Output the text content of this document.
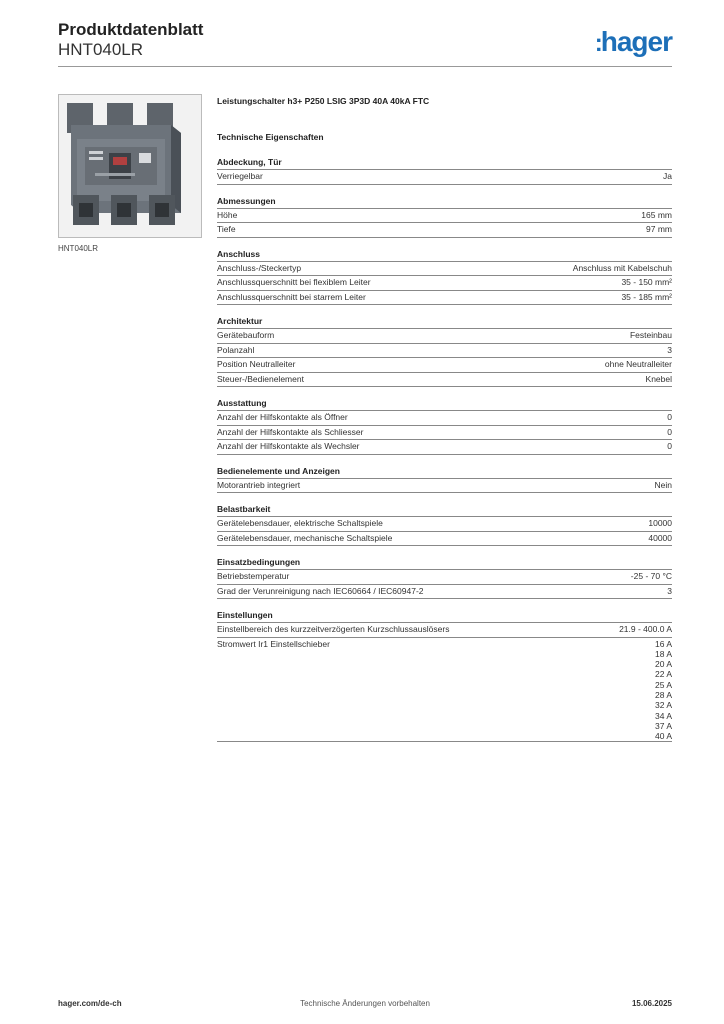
Produktdatenblatt
HNT040LR	:hager
HNT040LR
Leistungschalter h3+ P250 LSIG 3P3D 40A 40kA FTC
Technische Eigenschaften
Abdeckung, Tür
Verriegelbar	Ja
Abmessungen
Höhe	165 mm
Tiefe	97 mm
Anschluss
Anschluss-/Steckertyp	Anschluss mit Kabelschuh
Anschlussquerschnitt bei flexiblem Leiter	35 - 150 mm²
Anschlussquerschnitt bei starrem Leiter	35 - 185 mm²
Architektur
Gerätebauform	Festeinbau
Polanzahl	3
Position Neutralleiter	ohne Neutralleiter
Steuer-/Bedienelement	Knebel
Ausstattung
Anzahl der Hilfskontakte als Öffner	0
Anzahl der Hilfskontakte als Schliesser	0
Anzahl der Hilfskontakte als Wechsler	0
Bedienelemente und Anzeigen
Motorantrieb integriert	Nein
Belastbarkeit
Gerätelebensdauer, elektrische Schaltspiele	10000
Gerätelebensdauer, mechanische Schaltspiele	40000
Einsatzbedingungen
Betriebstemperatur	-25 - 70 °C
Grad der Verunreinigung nach IEC60664 / IEC60947-2	3
Einstellungen
Einstellbereich des kurzzeitverzögerten Kurzschlussauslösers	21.9 - 400.0 A
Stromwert Ir1 Einstellschieber	16 A
18 A
20 A
22 A
25 A
28 A
32 A
34 A
37 A
40 A
hager.com/de-ch	Technische Änderungen vorbehalten	15.06.2025
